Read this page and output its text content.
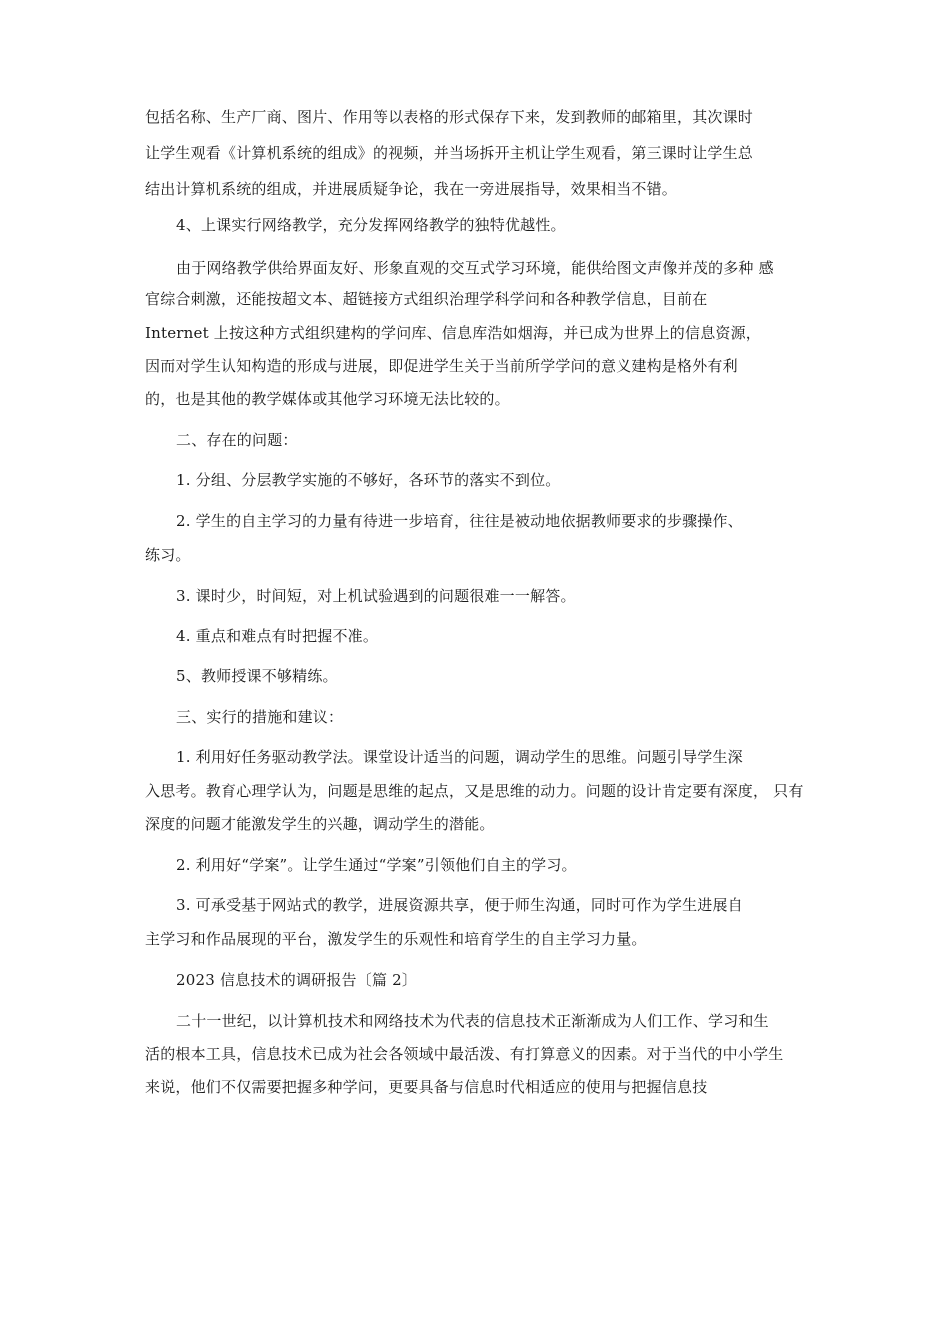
包括名称、生产厂商、图片、作用等以表格的形式保存下来，发到教师的邮箱里，其次课时
让学生观看《计算机系统的组成》的视频，并当场拆开主机让学生观看，第三课时让学生总
结出计算机系统的组成，并进展质疑争论，我在一旁进展指导，效果相当不错。
4、上课实行网络教学，充分发挥网络教学的独特优越性。
由于网络教学供给界面友好、形象直观的交互式学习环境，能供给图文声像并茂的多种 感
官综合刺激，还能按超文本、超链接方式组织治理学科学问和各种教学信息，目前在
Internet 上按这种方式组织建构的学问库、信息库浩如烟海，并已成为世界上的信息资源，
因而对学生认知构造的形成与进展，即促进学生关于当前所学学问的意义建构是格外有利
的，也是其他的教学媒体或其他学习环境无法比较的。
二、存在的问题：
1. 分组、分层教学实施的不够好，各环节的落实不到位。
2. 学生的自主学习的力量有待进一步培育，往往是被动地依据教师要求的步骤操作、
练习。
3. 课时少，时间短，对上机试验遇到的问题很难一一解答。
4. 重点和难点有时把握不准。
5、教师授课不够精练。
三、实行的措施和建议：
1. 利用好任务驱动教学法。课堂设计适当的问题，调动学生的思维。问题引导学生深
入思考。教育心理学认为，问题是思维的起点，又是思维的动力。问题的设计肯定要有深度， 只有
深度的问题才能激发学生的兴趣，调动学生的潜能。
2. 利用好“学案”。让学生通过“学案”引领他们自主的学习。
3. 可承受基于网站式的教学，进展资源共享，便于师生沟通，同时可作为学生进展自
主学习和作品展现的平台，激发学生的乐观性和培育学生的自主学习力量。
2023 信息技术的调研报告〔篇 2〕
二十一世纪，以计算机技术和网络技术为代表的信息技术正渐渐成为人们工作、学习和生
活的根本工具，信息技术已成为社会各领域中最活泼、有打算意义的因素。对于当代的中小学生
来说，他们不仅需要把握多种学问，更要具备与信息时代相适应的使用与把握信息技
